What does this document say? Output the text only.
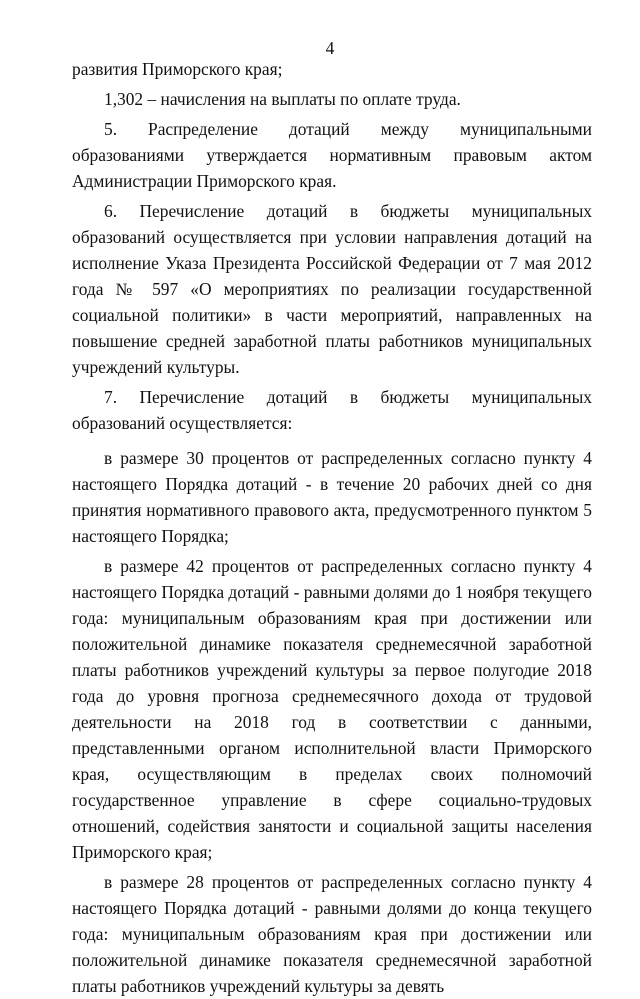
4

развития Приморского края;

1,302 – начисления на выплаты по оплате труда.

5. Распределение дотаций между муниципальными образованиями утверждается нормативным правовым актом Администрации Приморского края.

6. Перечисление дотаций в бюджеты муниципальных образований осуществляется при условии направления дотаций на исполнение Указа Президента Российской Федерации от 7 мая 2012 года № 597 «О мероприятиях по реализации государственной социальной политики» в части мероприятий, направленных на повышение средней заработной платы работников муниципальных учреждений культуры.

7. Перечисление дотаций в бюджеты муниципальных образований осуществляется:

в размере 30 процентов от распределенных согласно пункту 4 настоящего Порядка дотаций - в течение 20 рабочих дней со дня принятия нормативного правового акта, предусмотренного пунктом 5 настоящего Порядка;

в размере 42 процентов от распределенных согласно пункту 4 настоящего Порядка дотаций - равными долями до 1 ноября текущего года: муниципальным образованиям края при достижении или положительной динамике показателя среднемесячной заработной платы работников учреждений культуры за первое полугодие 2018 года до уровня прогноза среднемесячного дохода от трудовой деятельности на 2018 год в соответствии с данными, представленными органом исполнительной власти Приморского края, осуществляющим в пределах своих полномочий государственное управление в сфере социально-трудовых отношений, содействия занятости и социальной защиты населения Приморского края;

в размере 28 процентов от распределенных согласно пункту 4 настоящего Порядка дотаций - равными долями до конца текущего года: муниципальным образованиям края при достижении или положительной динамике показателя среднемесячной заработной платы работников учреждений культуры за девять
